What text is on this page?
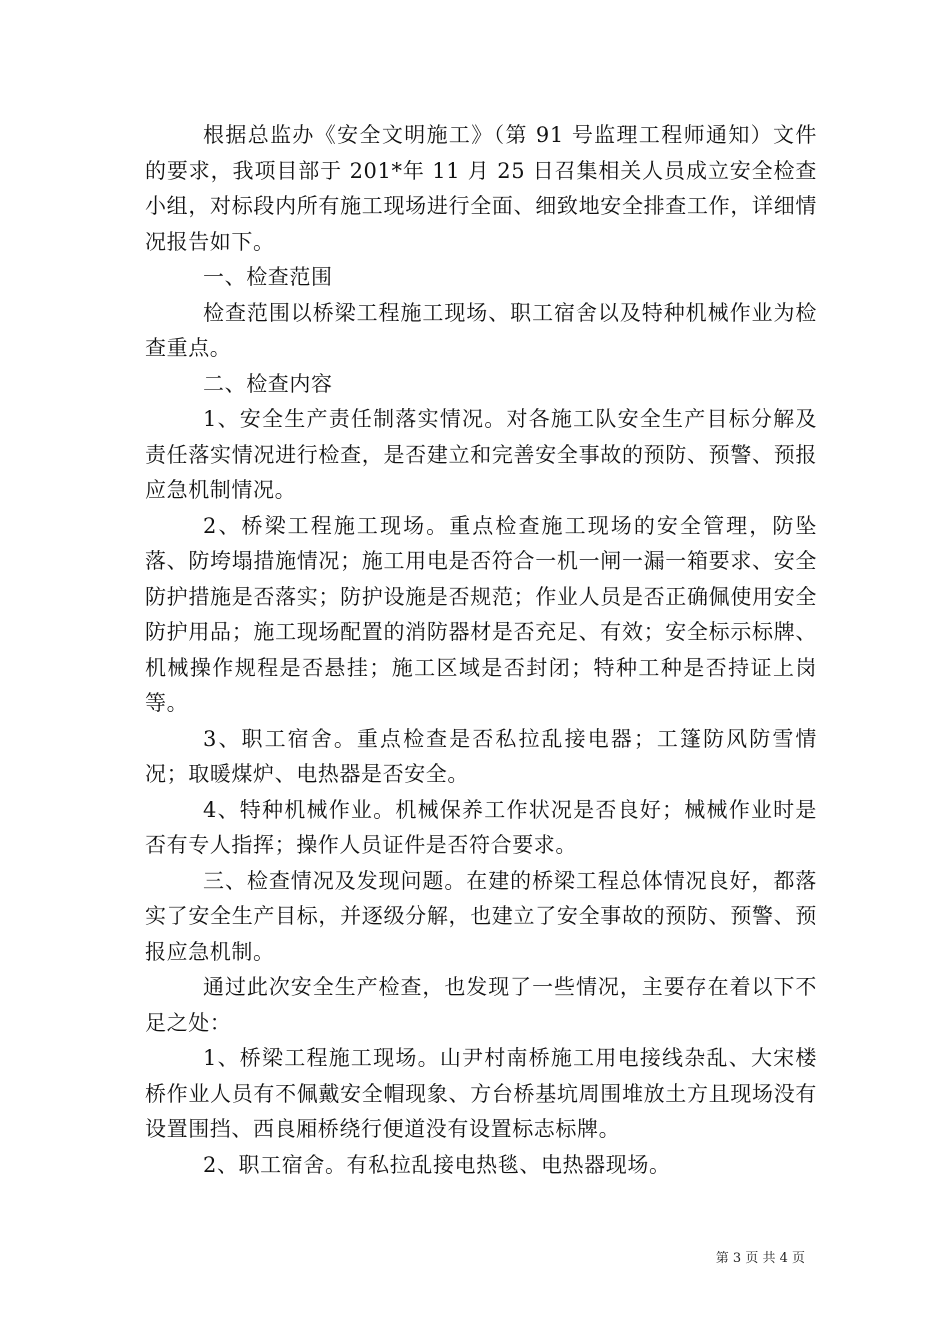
根据总监办《安全文明施工》（第 91 号监理工程师通知）文件的要求，我项目部于 201*年 11 月 25 日召集相关人员成立安全检查小组，对标段内所有施工现场进行全面、细致地安全排查工作，详细情况报告如下。

一、检查范围

检查范围以桥梁工程施工现场、职工宿舍以及特种机械作业为检查重点。

二、检查内容

1、安全生产责任制落实情况。对各施工队安全生产目标分解及责任落实情况进行检查，是否建立和完善安全事故的预防、预警、预报应急机制情况。

2、桥梁工程施工现场。重点检查施工现场的安全管理，防坠落、防垮塌措施情况；施工用电是否符合一机一闸一漏一箱要求、安全防护措施是否落实；防护设施是否规范；作业人员是否正确佩使用安全防护用品；施工现场配置的消防器材是否充足、有效；安全标示标牌、机械操作规程是否悬挂；施工区域是否封闭；特种工种是否持证上岗等。

3、职工宿舍。重点检查是否私拉乱接电器；工篷防风防雪情况；取暖煤炉、电热器是否安全。

4、特种机械作业。机械保养工作状况是否良好；械械作业时是否有专人指挥；操作人员证件是否符合要求。

三、检查情况及发现问题。在建的桥梁工程总体情况良好，都落实了安全生产目标，并逐级分解，也建立了安全事故的预防、预警、预报应急机制。

通过此次安全生产检查，也发现了一些情况，主要存在着以下不足之处：

1、桥梁工程施工现场。山尹村南桥施工用电接线杂乱、大宋楼桥作业人员有不佩戴安全帽现象、方台桥基坑周围堆放土方且现场没有设置围挡、西良厢桥绕行便道没有设置标志标牌。

2、职工宿舍。有私拉乱接电热毯、电热器现场。

第 3 页 共 4 页
